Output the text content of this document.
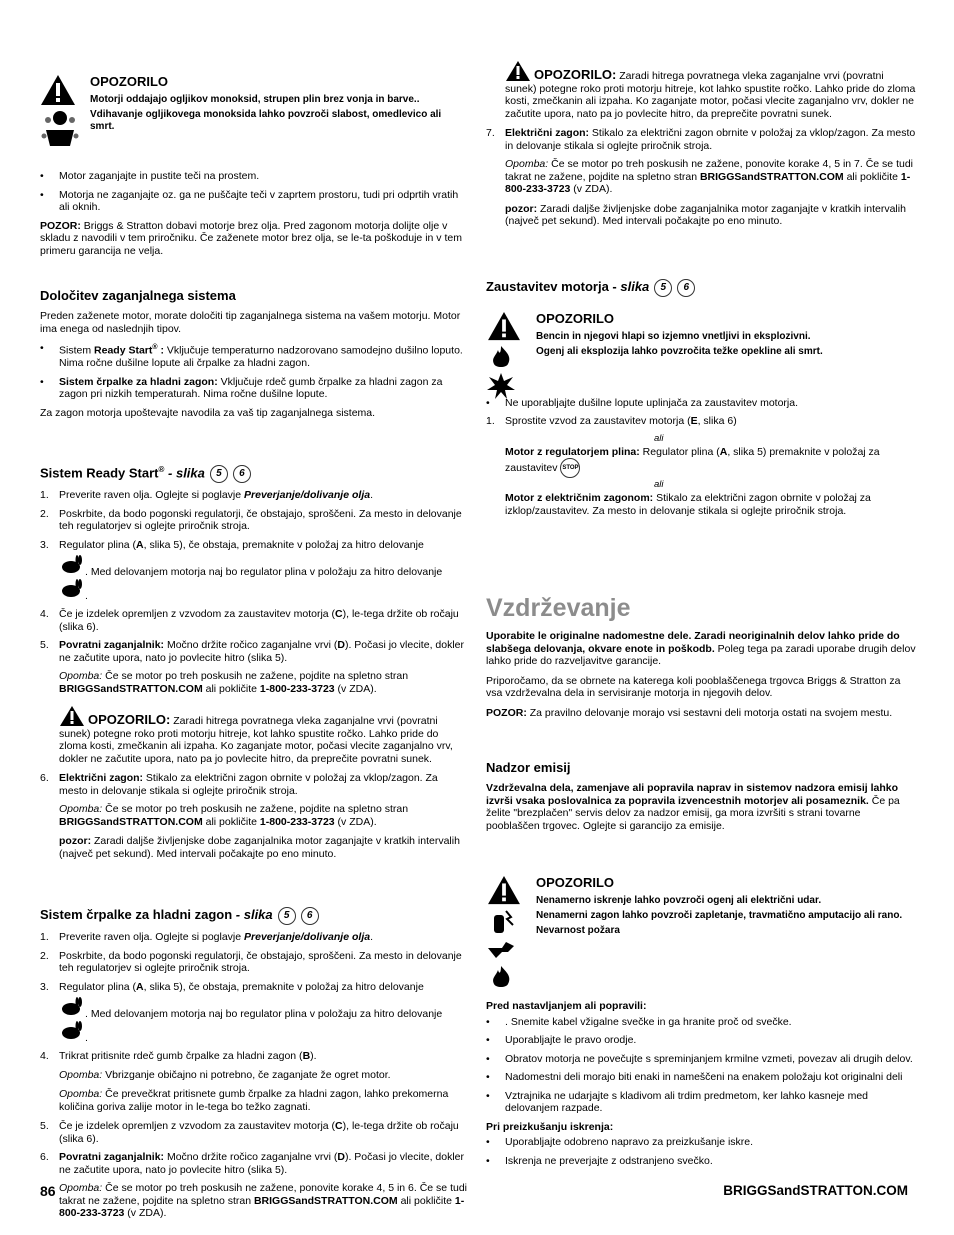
OPOZORILO
Motorji oddajajo ogljikov monoksid, strupen plin brez vonja in barve..
Vdihavanje ogljikovega monoksida lahko povzroči slabost, omedlevico ali smrt.
• Motor zaganjajte in pustite teči na prostem.
• Motorja ne zaganjajte oz. ga ne puščajte teči v zaprtem prostoru, tudi pri odprtih vratih ali oknih.

POZOR: Briggs & Stratton dobavi motorje brez olja. Pred zagonom motorja dolijte olje v skladu z navodili v tem priročniku. Če zaženete motor brez olja, se le-ta poškoduje in v tem primeru garancija ne velja.

Določitev zaganjalnega sistema

Preden zaženete motor, morate določiti tip zaganjalnega sistema na vašem motorju. Motor ima enega od naslednjih tipov.

• Sistem Ready Start® : Vključuje temperaturno nadzorovano samodejno dušilno loputo. Nima ročne dušilne lopute ali črpalke za hladni zagon.
• Sistem črpalke za hladni zagon: Vključuje rdeč gumb črpalke za hladni zagon za zagon pri nizkih temperaturah. Nima ročne dušilne lopute.

Za zagon motorja upoštevajte navodila za vaš tip zaganjalnega sistema.

Sistem Ready Start® - slika 5 6
1. Preverite raven olja. Oglejte si poglavje Preverjanje/dolivanje olja.
2. Poskrbite, da bodo pogonski regulatorji, če obstajajo, sproščeni. Za mesto in delovanje teh regulatorjev si oglejte priročnik stroja.
3. Regulator plina (A, slika 5), če obstaja, premaknite v položaj za hitro delovanje
. Med delovanjem motorja naj bo regulator plina v položaju za hitro delovanje
.
4. Če je izdelek opremljen z vzvodom za zaustavitev motorja (C), le-tega držite ob ročaju (slika 6).
5. Povratni zaganjalnik: Močno držite ročico zaganjalne vrvi (D). Počasi jo vlecite, dokler ne začutite upora, nato jo povlecite hitro (slika 5).

Opomba: Če se motor po treh poskusih ne zažene, pojdite na spletno stran BRIGGSandSTRATTON.COM ali pokličite 1-800-233-3723 (v ZDA).

OPOZORILO: Zaradi hitrega povratnega vleka zaganjalne vrvi (povratni sunek) potegne roko proti motorju hitreje, kot lahko spustite ročko. Lahko pride do zloma kosti, zmečkanin ali izpaha. Ko zaganjate motor, počasi vlecite zaganjalno vrv, dokler ne začutite upora, nato pa jo povlecite hitro, da preprečite povratni sunek.

6. Električni zagon: Stikalo za električni zagon obrnite v položaj za vklop/zagon. Za mesto in delovanje stikala si oglejte priročnik stroja.

Opomba: Če se motor po treh poskusih ne zažene, pojdite na spletno stran BRIGGSandSTRATTON.COM ali pokličite 1-800-233-3723 (v ZDA).

pozor: Zaradi daljše življenjske dobe zaganjalnika motor zaganjajte v kratkih intervalih (največ pet sekund). Med intervali počakajte po eno minuto.

Sistem črpalke za hladni zagon - slika 5 6
1. Preverite raven olja. Oglejte si poglavje Preverjanje/dolivanje olja.
2. Poskrbite, da bodo pogonski regulatorji, če obstajajo, sproščeni. Za mesto in delovanje teh regulatorjev si oglejte priročnik stroja.
3. Regulator plina (A, slika 5), če obstaja, premaknite v položaj za hitro delovanje
. Med delovanjem motorja naj bo regulator plina v položaju za hitro delovanje
.
4. Trikrat pritisnite rdeč gumb črpalke za hladni zagon (B).

Opomba: Vbrizganje običajno ni potrebno, če zaganjate že ogret motor.

Opomba: Če prevečkrat pritisnete gumb črpalke za hladni zagon, lahko prekomerna količina goriva zalije motor in le-tega bo težko zagnati.

5. Če je izdelek opremljen z vzvodom za zaustavitev motorja (C), le-tega držite ob ročaju (slika 6).
6. Povratni zaganjalnik: Močno držite ročico zaganjalne vrvi (D). Počasi jo vlecite, dokler ne začutite upora, nato jo povlecite hitro (slika 5).

Opomba: Če se motor po treh poskusih ne zažene, ponovite korake 4, 5 in 6. Če se tudi takrat ne zažene, pojdite na spletno stran BRIGGSandSTRATTON.COM ali pokličite 1-800-233-3723 (v ZDA).

OPOZORILO: Zaradi hitrega povratnega vleka zaganjalne vrvi (povratni sunek) potegne roko proti motorju hitreje, kot lahko spustite ročko. Lahko pride do zloma kosti, zmečkanin ali izpaha. Ko zaganjate motor, počasi vlecite zaganjalno vrv, dokler ne začutite upora, nato pa jo povlecite hitro, da preprečite povratni sunek.

7. Električni zagon: Stikalo za električni zagon obrnite v položaj za vklop/zagon. Za mesto in delovanje stikala si oglejte priročnik stroja.

Opomba: Če se motor po treh poskusih ne zažene, ponovite korake 4, 5 in 7. Če se tudi takrat ne zažene, pojdite na spletno stran BRIGGSandSTRATTON.COM ali pokličite 1-800-233-3723 (v ZDA).

pozor: Zaradi daljše življenjske dobe zaganjalnika motor zaganjajte v kratkih intervalih (največ pet sekund). Med intervali počakajte po eno minuto.

Zaustavitev motorja - slika 5 6

OPOZORILO
Bencin in njegovi hlapi so izjemno vnetljivi in eksplozivni.
Ogenj ali eksplozija lahko povzročita težke opekline ali smrt.
• Ne uporabljajte dušilne lopute uplinjača za zaustavitev motorja.
1. Sprostite vzvod za zaustavitev motorja (E, slika 6)

ali

Motor z regulatorjem plina: Regulator plina (A, slika 5) premaknite v položaj za zaustavitev STOP

ali

Motor z električnim zagonom: Stikalo za električni zagon obrnite v položaj za izklop/zaustavitev. Za mesto in delovanje stikala si oglejte priročnik stroja.

Vzdrževanje

Uporabite le originalne nadomestne dele. Zaradi neoriginalnih delov lahko pride do slabšega delovanja, okvare enote in poškodb. Poleg tega pa zaradi uporabe drugih delov lahko pride do razveljavitve garancije.

Priporočamo, da se obrnete na katerega koli pooblaščenega trgovca Briggs & Stratton za vsa vzdrževalna dela in servisiranje motorja in njegovih delov.

POZOR: Za pravilno delovanje morajo vsi sestavni deli motorja ostati na svojem mestu.

Nadzor emisij

Vzdrževalna dela, zamenjave ali popravila naprav in sistemov nadzora emisij lahko izvrši vsaka poslovalnica za popravila izvencestnih motorjev ali posameznik. Če pa želite "brezplačen" servis delov za nadzor emisij, ga mora izvršiti s strani tovarne pooblaščen trgovec. Oglejte si garancijo za emisije.

OPOZORILO
Nenamerno iskrenje lahko povzroči ogenj ali električni udar.
Nenamerni zagon lahko povzroči zapletanje, travmatično amputacijo ali rano.
Nevarnost požara

Pred nastavljanjem ali popravili:

• . Snemite kabel vžigalne svečke in ga hranite proč od svečke.
• Uporabljajte le pravo orodje.
• Obratov motorja ne povečujte s spreminjanjem krmilne vzmeti, povezav ali drugih delov.
• Nadomestni deli morajo biti enaki in nameščeni na enakem položaju kot originalni deli
• Vztrajnika ne udarjajte s kladivom ali trdim predmetom, ker lahko kasneje med delovanjem razpade.

Pri preizkušanju iskrenja:

• Uporabljajte odobreno napravo za preizkušanje iskre.
• Iskrenja ne preverjajte z odstranjeno svečko.
86	BRIGGSandSTRATTON.COM
